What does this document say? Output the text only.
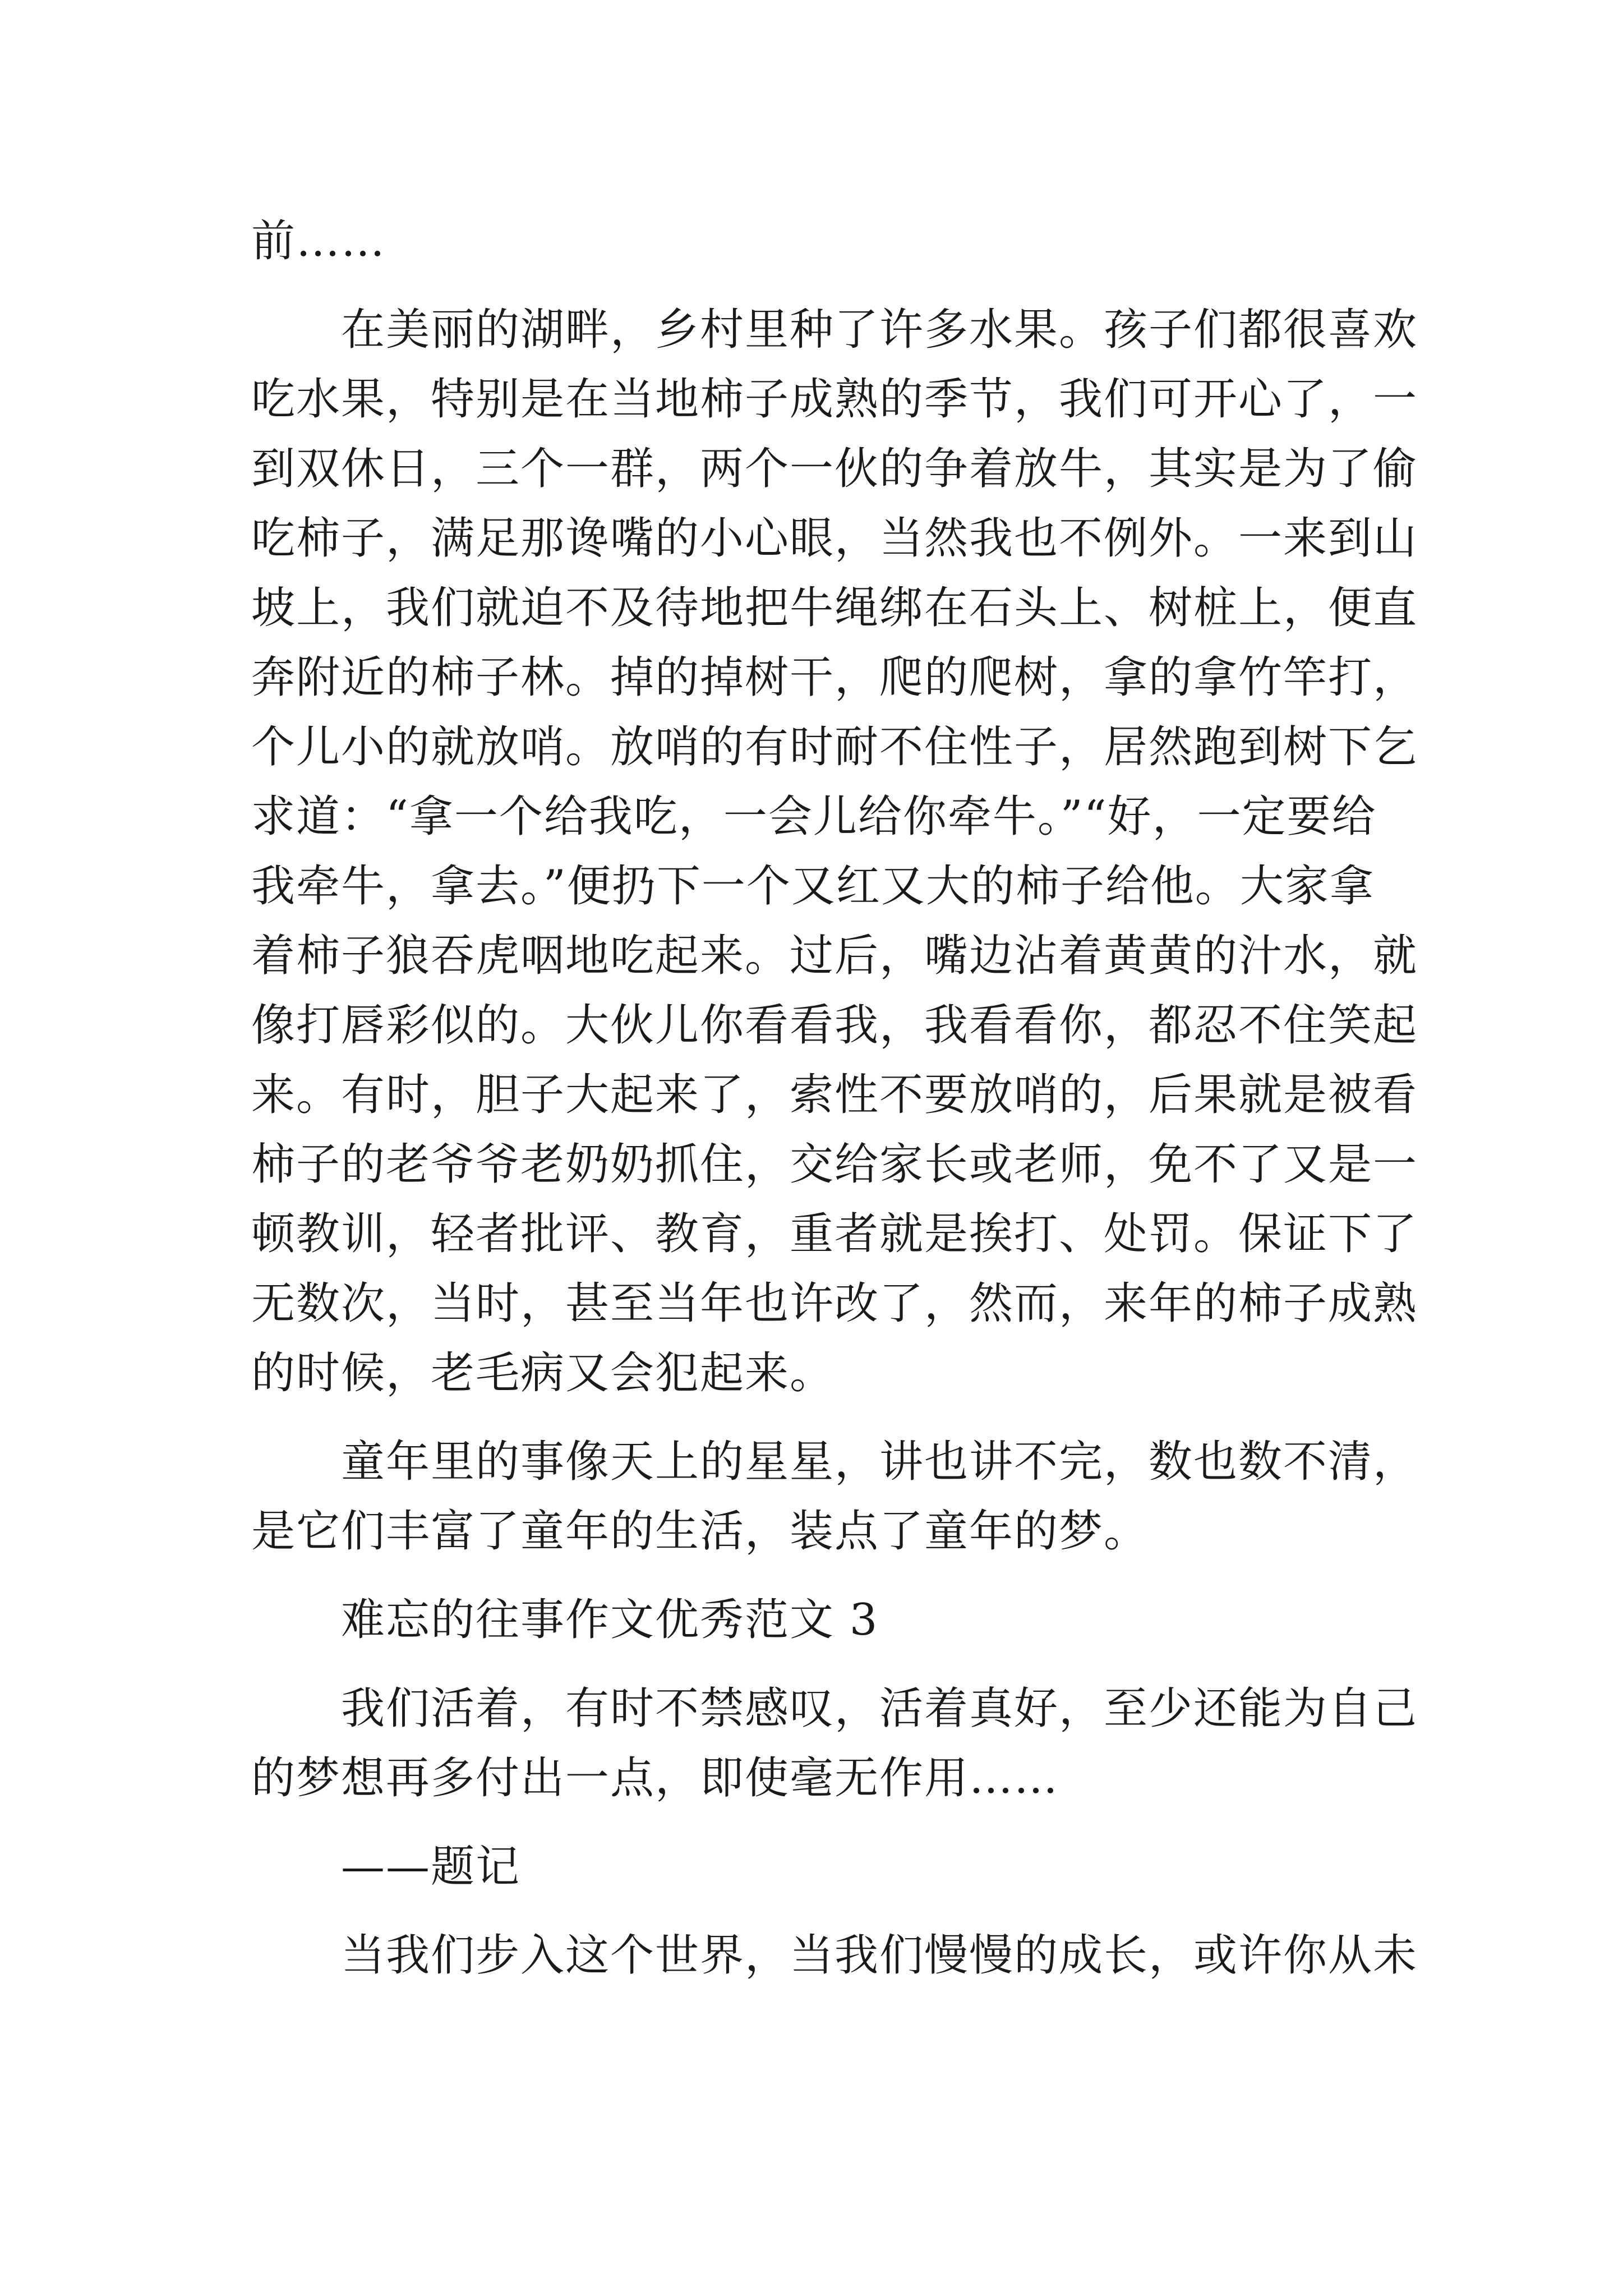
前……
在美丽的湖畔，乡村里种了许多水果。孩子们都很喜欢
吃水果，特别是在当地柿子成熟的季节，我们可开心了，一
到双休日，三个一群，两个一伙的争着放牛，其实是为了偷
吃柿子，满足那谗嘴的小心眼，当然我也不例外。一来到山
坡上，我们就迫不及待地把牛绳绑在石头上、树桩上，便直
奔附近的柿子林。掉的掉树干，爬的爬树，拿的拿竹竿打，
个儿小的就放哨。放哨的有时耐不住性子，居然跑到树下乞
求道：“拿一个给我吃，一会儿给你牵牛。”“好，一定要给
我牵牛，拿去。”便扔下一个又红又大的柿子给他。大家拿
着柿子狼吞虎咽地吃起来。过后，嘴边沾着黄黄的汁水，就
像打唇彩似的。大伙儿你看看我，我看看你，都忍不住笑起
来。有时，胆子大起来了，索性不要放哨的，后果就是被看
柿子的老爷爷老奶奶抓住，交给家长或老师，免不了又是一
顿教训，轻者批评、教育，重者就是挨打、处罚。保证下了
无数次，当时，甚至当年也许改了，然而，来年的柿子成熟
的时候，老毛病又会犯起来。
童年里的事像天上的星星，讲也讲不完，数也数不清，
是它们丰富了童年的生活，装点了童年的梦。
难忘的往事作文优秀范文 3
我们活着，有时不禁感叹，活着真好，至少还能为自己
的梦想再多付出一点，即使毫无作用……
——题记
当我们步入这个世界，当我们慢慢的成长，或许你从未
